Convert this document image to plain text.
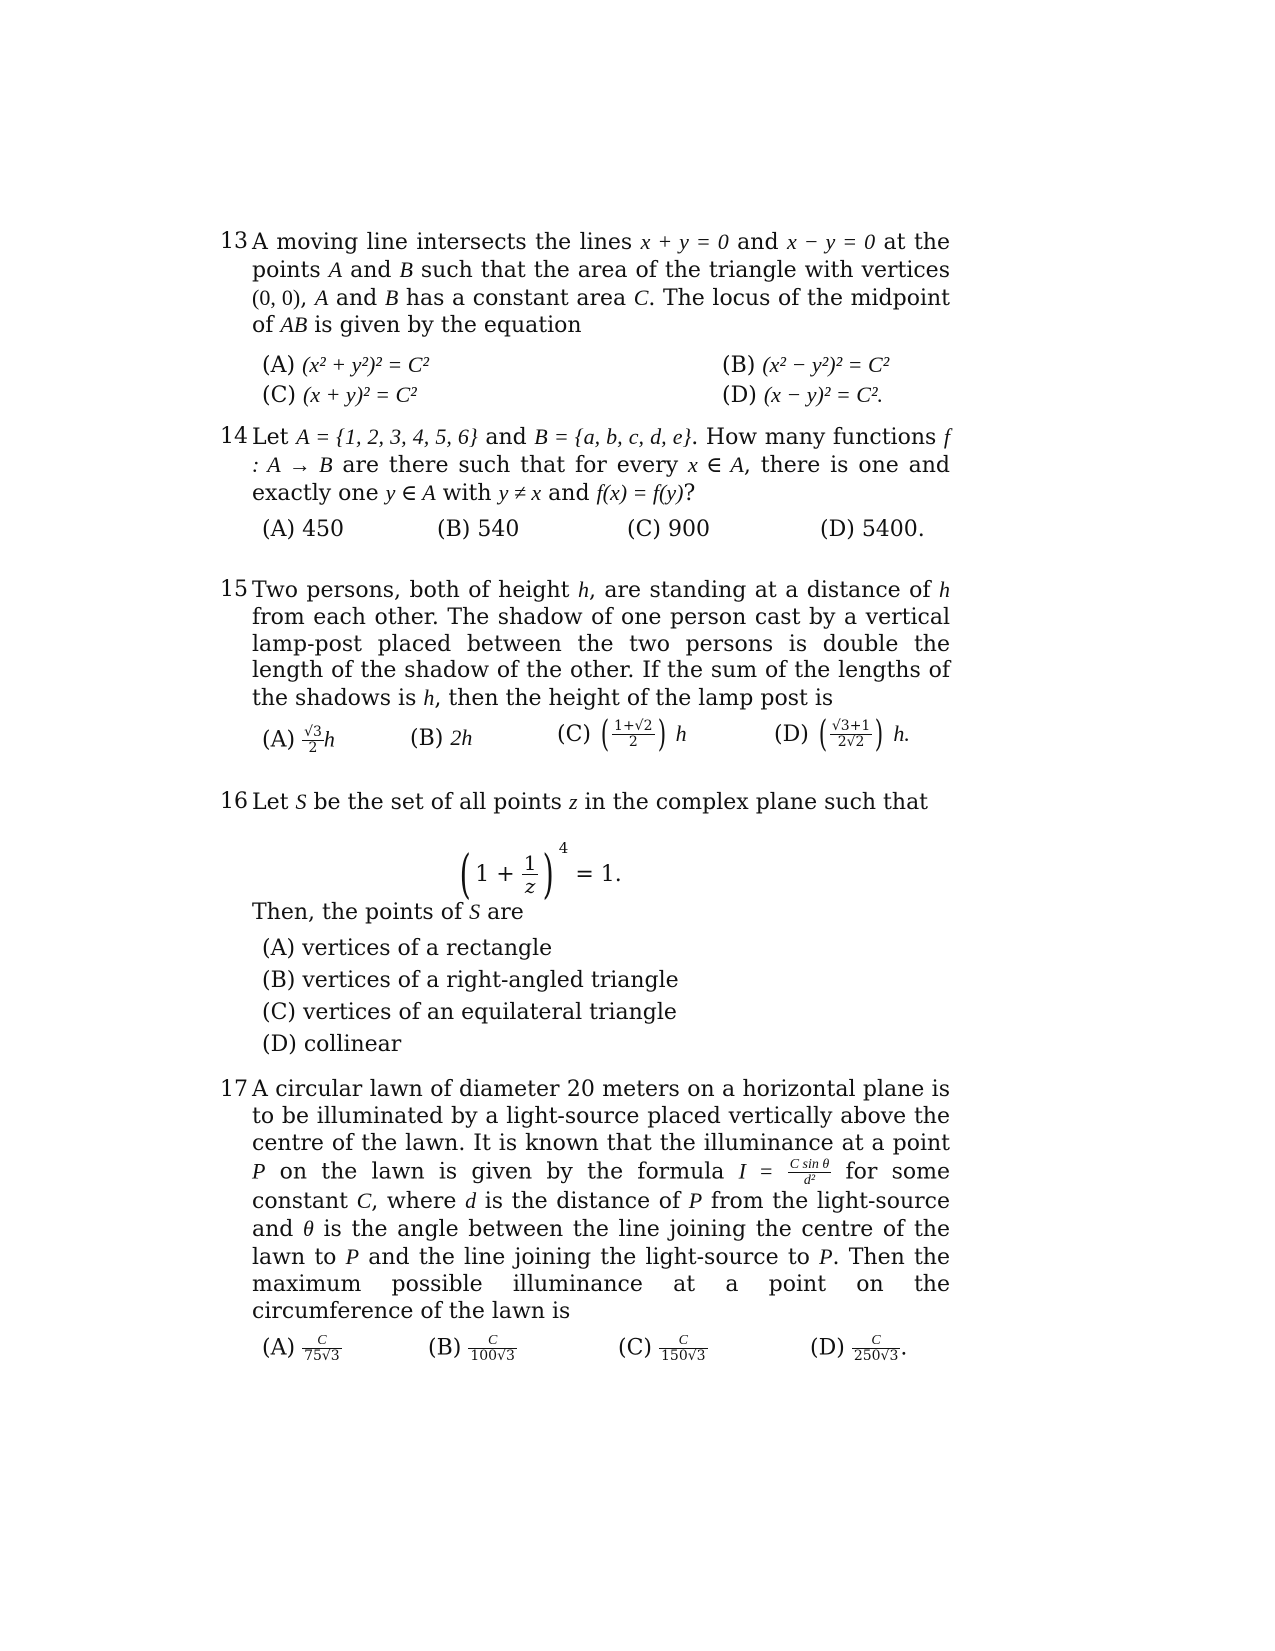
13 A moving line intersects the lines x + y = 0 and x − y = 0 at the points A and B such that the area of the triangle with vertices (0, 0), A and B has a constant area C. The locus of the midpoint of AB is given by the equation
(A) (x² + y²)² = C²	(B) (x² − y²)² = C²
(C) (x + y)² = C²	(D) (x − y)² = C².
14 Let A = {1, 2, 3, 4, 5, 6} and B = {a, b, c, d, e}. How many functions f : A → B are there such that for every x ∈ A, there is one and exactly one y ∈ A with y ≠ x and f(x) = f(y)?
(A) 450	(B) 540	(C) 900	(D) 5400.
15 Two persons, both of height h, are standing at a distance of h from each other. The shadow of one person cast by a vertical lamp-post placed between the two persons is double the length of the shadow of the other. If the sum of the lengths of the shadows is h, then the height of the lamp post is
$(A) \frac{√3}{2}$ h	(B) 2h	(C) ( $\frac{1+√2}{2}$ ) h	(D) ( $\frac{√3+1}{2√2}$ ) h.
16 Let S be the set of all points z in the complex plane such that
( $1 + \frac{1}{z}$ ) $^4$ = 1.
Then, the points of S are
(A) vertices of a rectangle
(B) vertices of a right-angled triangle
(C) vertices of an equilateral triangle
(D) collinear
17 A circular lawn of diameter 20 meters on a horizontal plane is to be illuminated by a light-source placed vertically above the centre of the lawn. It is known that the illuminance at a point P on the lawn is given by the formula $I = \frac{\text{C sin θ}}{\text{d²}}$ for some constant C, where d is the distance of P from the light-source and θ is the angle between the line joining the centre of the lawn to P and the line joining the light-source to P. Then the maximum possible illuminance at a point on the circumference of the lawn is
$(A) \frac{C}{75√3}$	$(B) \frac{C}{100√3}$	$(C) \frac{C}{150√3}$	$(D) \frac{C}{250√3}$ .
